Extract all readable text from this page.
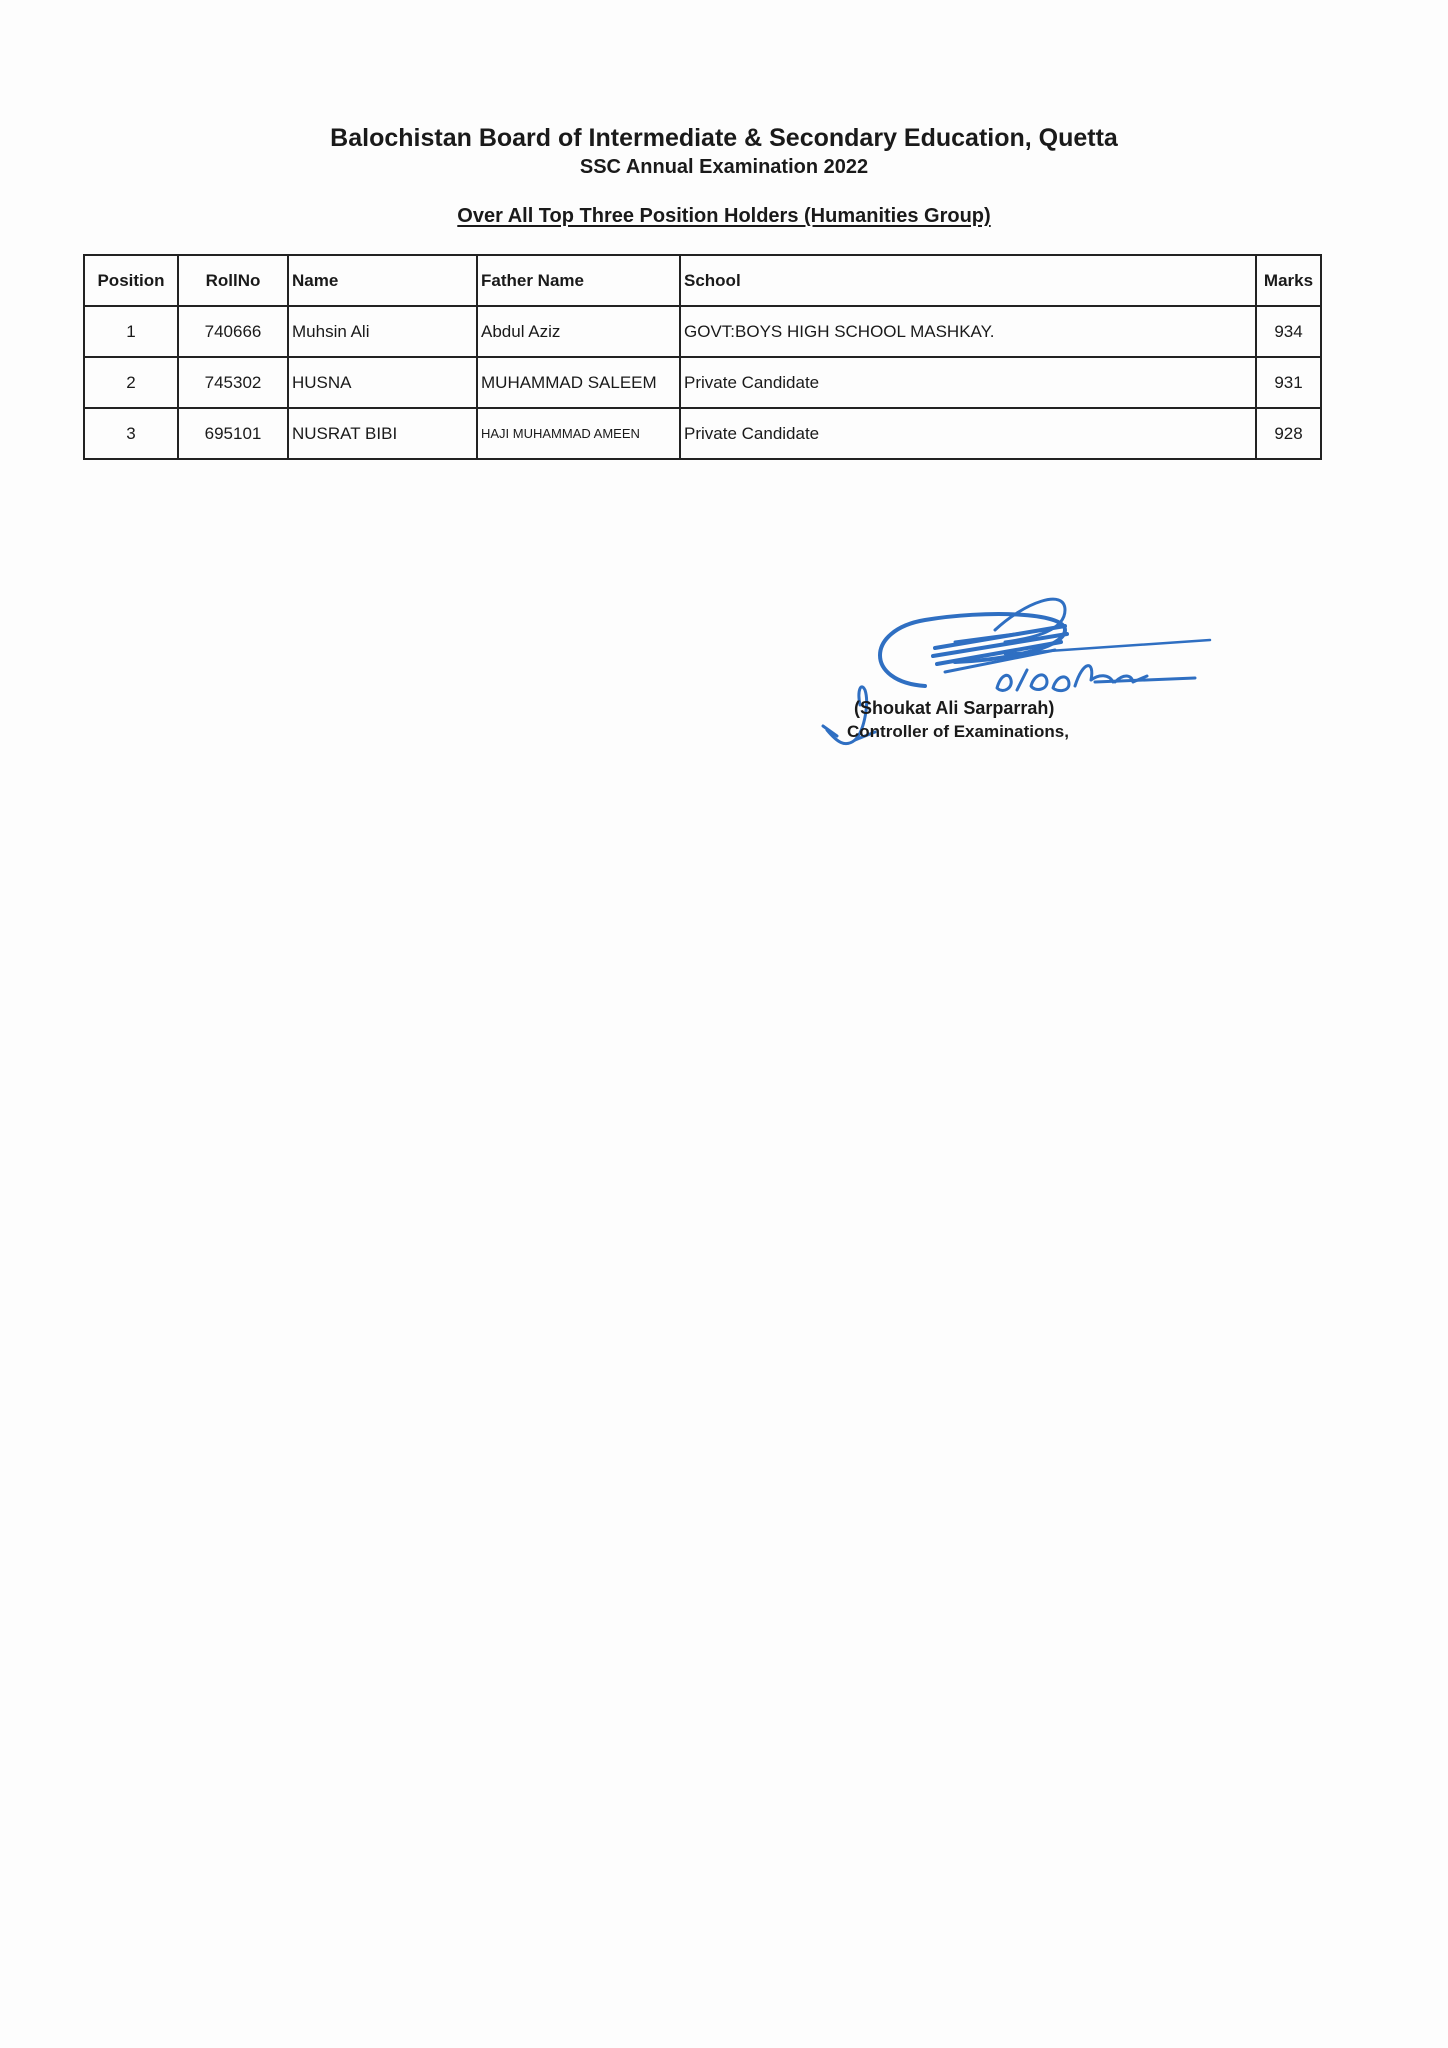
Balochistan Board of Intermediate & Secondary Education, Quetta
SSC Annual Examination 2022
Over All Top Three Position Holders (Humanities Group)
Position	RollNo	Name	Father Name	School	Marks
1	740666	Muhsin Ali	Abdul Aziz	GOVT:BOYS HIGH SCHOOL MASHKAY.	934
2	745302	HUSNA	MUHAMMAD SALEEM	Private Candidate	931
3	695101	NUSRAT BIBI	HAJI MUHAMMAD AMEEN	Private Candidate	928
(Shoukat Ali Sarparrah)
Controller of Examinations,
